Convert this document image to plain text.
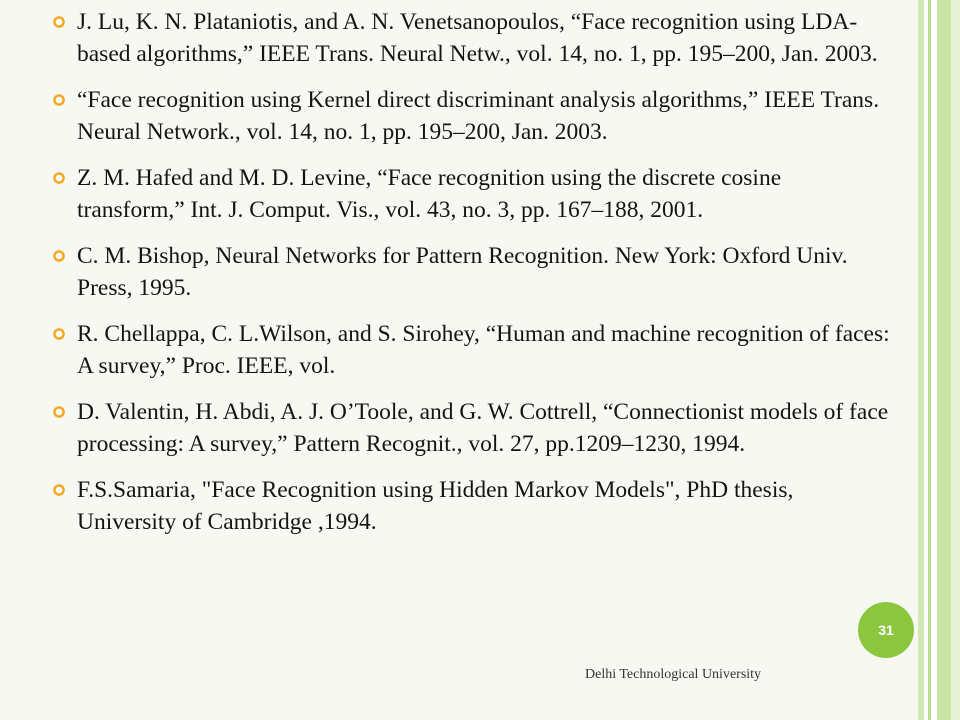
J. Lu, K. N. Plataniotis, and A. N. Venetsanopoulos, “Face recognition using LDA-based algorithms,” IEEE Trans. Neural Netw., vol. 14, no. 1, pp. 195–200, Jan. 2003.
“Face recognition using Kernel direct discriminant analysis algorithms,” IEEE Trans. Neural Network., vol. 14, no. 1, pp. 195–200, Jan. 2003.
Z. M. Hafed and M. D. Levine, “Face recognition using the discrete cosine transform,” Int. J. Comput. Vis., vol. 43, no. 3, pp. 167–188, 2001.
C. M. Bishop, Neural Networks for Pattern Recognition. New York: Oxford Univ. Press, 1995.
R. Chellappa, C. L.Wilson, and S. Sirohey, “Human and machine recognition of faces: A survey,” Proc. IEEE, vol.
D. Valentin, H. Abdi, A. J. O’Toole, and G. W. Cottrell, “Connectionist models of face processing: A survey,” Pattern Recognit., vol. 27, pp.1209–1230, 1994.
F.S.Samaria, "Face Recognition using Hidden Markov Models", PhD thesis, University of Cambridge ,1994.
31
Delhi Technological University
